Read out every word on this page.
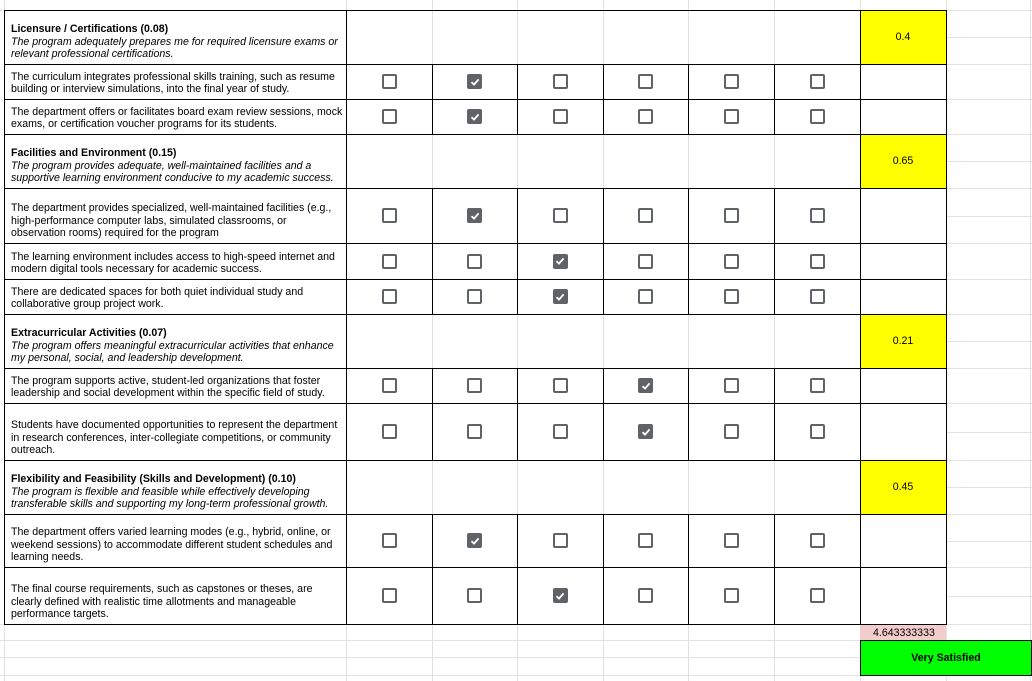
Licensure / Certifications (0.08)
The program adequately prepares me for required licensure exams or relevant professional certifications.
0.4
The curriculum integrates professional skills training, such as resume building or interview simulations, into the final year of study.
The department offers or facilitates board exam review sessions, mock exams, or certification voucher programs for its students.
Facilities and Environment (0.15)
The program provides adequate, well-maintained facilities and a supportive learning environment conducive to my academic success.
0.65
The department provides specialized, well-maintained facilities (e.g., high-performance computer labs, simulated classrooms, or observation rooms) required for the program
The learning environment includes access to high-speed internet and modern digital tools necessary for academic success.
There are dedicated spaces for both quiet individual study and collaborative group project work.
Extracurricular Activities (0.07)
The program offers meaningful extracurricular activities that enhance my personal, social, and leadership development.
0.21
The program supports active, student-led organizations that foster leadership and social development within the specific field of study.
Students have documented opportunities to represent the department in research conferences, inter-collegiate competitions, or community outreach.
Flexibility and Feasibility (Skills and Development) (0.10)
The program is flexible and feasible while effectively developing transferable skills and supporting my long-term professional growth.
0.45
The department offers varied learning modes (e.g., hybrid, online, or weekend sessions) to accommodate different student schedules and learning needs.
The final course requirements, such as capstones or theses, are clearly defined with realistic time allotments and manageable performance targets.
4.643333333
Very Satisfied
